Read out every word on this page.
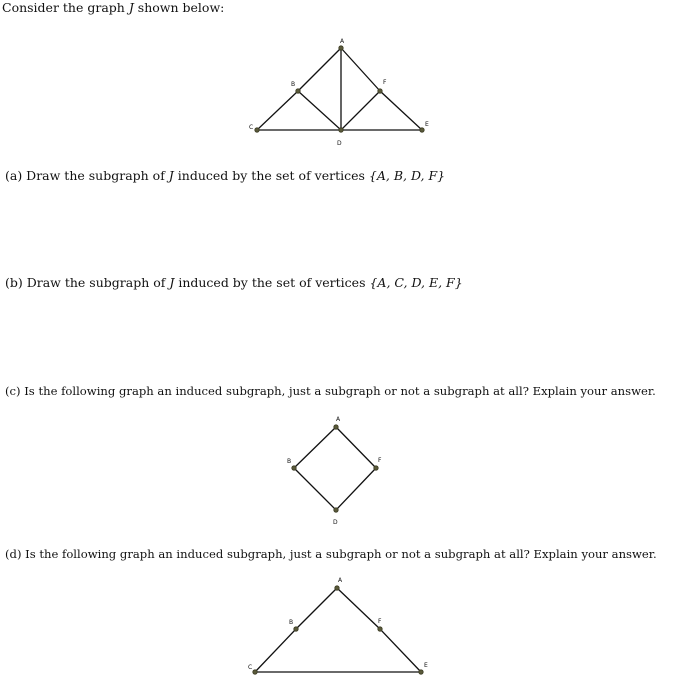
Consider the graph J shown below:

A
B
C
D
E
F

(a) Draw the subgraph of J induced by the set of vertices {A, B, D, F}

(b) Draw the subgraph of J induced by the set of vertices {A, C, D, E, F}

(c) Is the following graph an induced subgraph, just a subgraph or not a subgraph at all? Explain your answer.

A
B
D
F

(d) Is the following graph an induced subgraph, just a subgraph or not a subgraph at all? Explain your answer.

A
B
C	E
F
